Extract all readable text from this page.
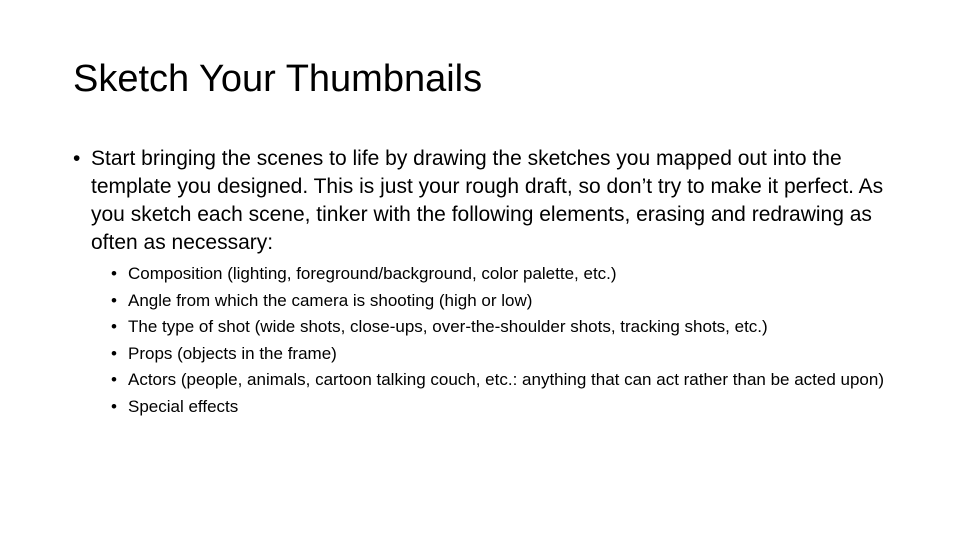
Sketch Your Thumbnails

• Start bringing the scenes to life by drawing the sketches you mapped out into the template you designed. This is just your rough draft, so don’t try to make it perfect. As you sketch each scene, tinker with the following elements, erasing and redrawing as often as necessary:

• Composition (lighting, foreground/background, color palette, etc.)
• Angle from which the camera is shooting (high or low)
• The type of shot (wide shots, close-ups, over-the-shoulder shots, tracking shots, etc.)
• Props (objects in the frame)
• Actors (people, animals, cartoon talking couch, etc.: anything that can act rather than be acted upon)
• Special effects
